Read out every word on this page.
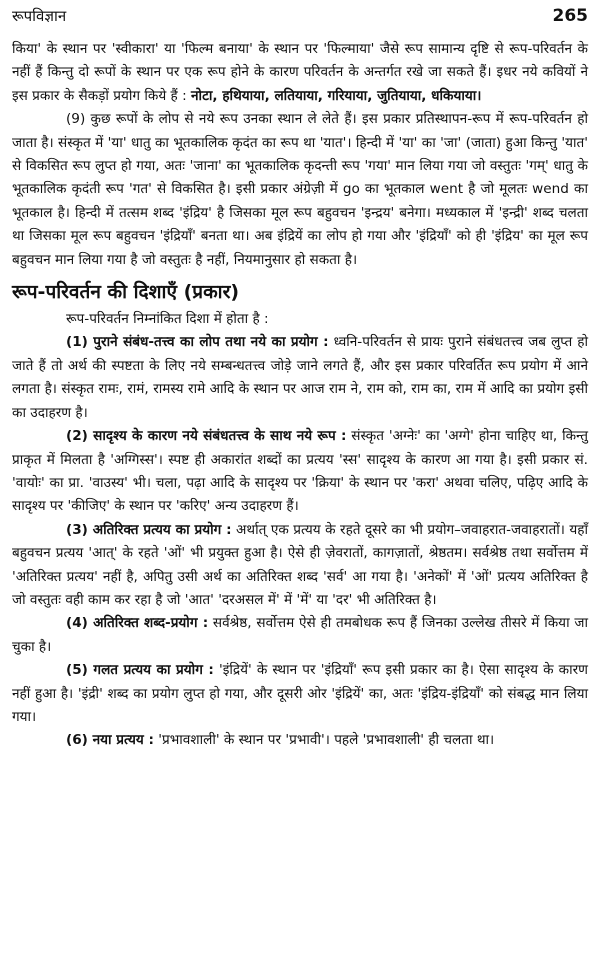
रूपविज्ञान	265

किया' के स्थान पर 'स्वीकारा' या 'फिल्म बनाया' के स्थान पर 'फिल्माया' जैसे रूप सामान्य दृष्टि से रूप-परिवर्तन के नहीं हैं किन्तु दो रूपों के स्थान पर एक रूप होने के कारण परिवर्तन के अन्तर्गत रखे जा सकते हैं। इधर नये कवियों ने इस प्रकार के सैकड़ों प्रयोग किये हैं : नोटा, हथियाया, लतियाया, गरियाया, जुतियाया, धकियाया।

(9) कुछ रूपों के लोप से नये रूप उनका स्थान ले लेते हैं। इस प्रकार प्रतिस्थापन-रूप में रूप-परिवर्तन हो जाता है। संस्कृत में 'या' धातु का भूतकालिक कृदंत का रूप था 'यात'। हिन्दी में 'या' का 'जा' (जाता) हुआ किन्तु 'यात' से विकसित रूप लुप्त हो गया, अतः 'जाना' का भूतकालिक कृदन्ती रूप 'गया' मान लिया गया जो वस्तुतः 'गम्' धातु के भूतकालिक कृदंती रूप 'गत' से विकसित है। इसी प्रकार अंग्रेज़ी में go का भूतकाल went है जो मूलतः wend का भूतकाल है। हिन्दी में तत्सम शब्द 'इंद्रिय' है जिसका मूल रूप बहुवचन 'इन्द्रय' बनेगा। मध्यकाल में 'इन्द्री' शब्द चलता था जिसका मूल रूप बहुवचन 'इंद्रियाँ' बनता था। अब इंद्रियें का लोप हो गया और 'इंद्रियाँ' को ही 'इंद्रिय' का मूल रूप बहुवचन मान लिया गया है जो वस्तुतः है नहीं, नियमानुसार हो सकता है।

रूप-परिवर्तन की दिशाएँ (प्रकार)
रूप-परिवर्तन निम्नांकित दिशा में होता है :

(1) पुराने संबंध-तत्त्व का लोप तथा नये का प्रयोग : ध्वनि-परिवर्तन से प्रायः पुराने संबंधतत्त्व जब लुप्त हो जाते हैं तो अर्थ की स्पष्टता के लिए नये सम्बन्धतत्त्व जोड़े जाने लगते हैं, और इस प्रकार परिवर्तित रूप प्रयोग में आने लगता है। संस्कृत रामः, रामं, रामस्य रामे आदि के स्थान पर आज राम ने, राम को, राम का, राम में आदि का प्रयोग इसी का उदाहरण है।

(2) सादृश्य के कारण नये संबंधतत्त्व के साथ नये रूप : संस्कृत 'अग्नेः' का 'अग्गे' होना चाहिए था, किन्तु प्राकृत में मिलता है 'अग्गिस्स'। स्पष्ट ही अकारांत शब्दों का प्रत्यय 'स्स' सादृश्य के कारण आ गया है। इसी प्रकार सं. 'वायोः' का प्रा. 'वाउस्य' भी। चला, पढ़ा आदि के सादृश्य पर 'क्रिया' के स्थान पर 'करा' अथवा चलिए, पढ़िए आदि के सादृश्य पर 'कीजिए' के स्थान पर 'करिए' अन्य उदाहरण हैं।

(3) अतिरिक्त प्रत्यय का प्रयोग : अर्थात् एक प्रत्यय के रहते दूसरे का भी प्रयोग–जवाहरात-जवाहरातों। यहाँ बहुवचन प्रत्यय 'आत्' के रहते 'ओं' भी प्रयुक्त हुआ है। ऐसे ही ज़ेवरातों, कागज़ातों, श्रेष्ठतम। सर्वश्रेष्ठ तथा सर्वोत्तम में 'अतिरिक्त प्रत्यय' नहीं है, अपितु उसी अर्थ का अतिरिक्त शब्द 'सर्व' आ गया है। 'अनेकों' में 'ओं' प्रत्यय अतिरिक्त है जो वस्तुतः वही काम कर रहा है जो 'आत' 'दरअसल में' में 'में' या 'दर' भी अतिरिक्त है।

(4) अतिरिक्त शब्द-प्रयोग : सर्वश्रेष्ठ, सर्वोत्तम ऐसे ही तमबोधक रूप हैं जिनका उल्लेख तीसरे में किया जा चुका है।

(5) गलत प्रत्यय का प्रयोग : 'इंद्रियें' के स्थान पर 'इंद्रियाँ' रूप इसी प्रकार का है। ऐसा सादृश्य के कारण नहीं हुआ है। 'इंद्री' शब्द का प्रयोग लुप्त हो गया, और दूसरी ओर 'इंद्रियें' का, अतः 'इंद्रिय-इंद्रियाँ' को संबद्ध मान लिया गया।

(6) नया प्रत्यय : 'प्रभावशाली' के स्थान पर 'प्रभावी'। पहले 'प्रभावशाली' ही चलता था।
